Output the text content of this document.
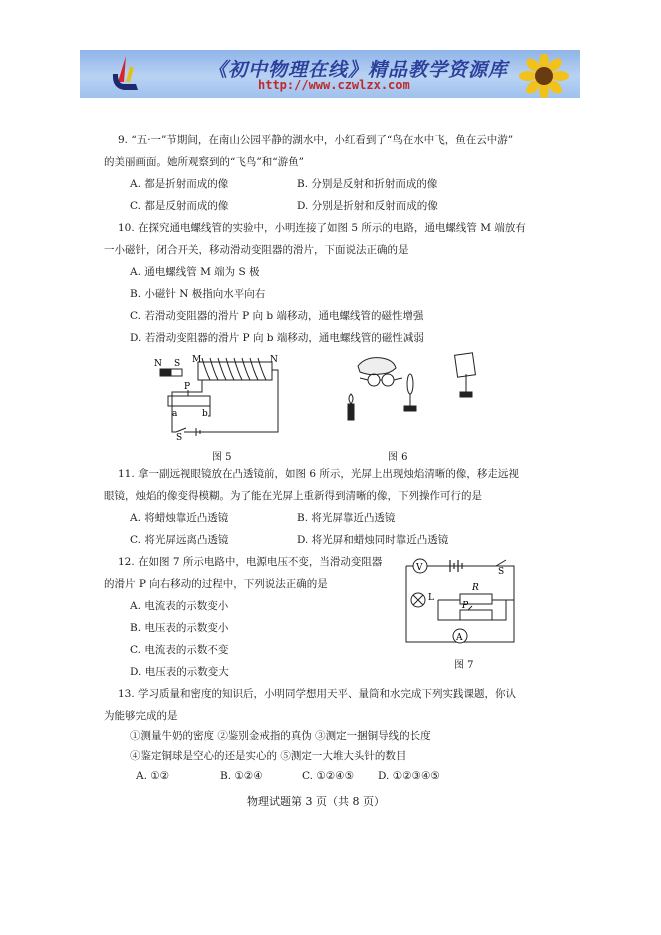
《初中物理在线》精品教学资源库
http://www.czwlzx.com
9. “五·一”节期间，在南山公园平静的湖水中，小红看到了“鸟在水中飞，鱼在云中游”
的美丽画面。她所观察到的“飞鸟”和“游鱼”
A. 都是折射而成的像	B. 分别是反射和折射而成的像
C. 都是反射而成的像	D. 分别是折射和反射而成的像
10. 在探究通电螺线管的实验中，小明连接了如图 5 所示的电路，通电螺线管 M 端放有
一小磁针，闭合开关，移动滑动变阻器的滑片，下面说法正确的是
A. 通电螺线管 M 端为 S 极
B. 小磁针 N 极指向水平向右
C. 若滑动变阻器的滑片 P 向 b 端移动，通电螺线管的磁性增强
D. 若滑动变阻器的滑片 P 向 b 端移动，通电螺线管的磁性减弱
N S M	N
P
a	b
S
图 5	图 6
11. 拿一副远视眼镜放在凸透镜前，如图 6 所示，光屏上出现烛焰清晰的像，移走远视
眼镜，烛焰的像变得模糊。为了能在光屏上重新得到清晰的像，下列操作可行的是
A. 将蜡烛靠近凸透镜	B. 将光屏靠近凸透镜
C. 将光屏远离凸透镜	D. 将光屏和蜡烛同时靠近凸透镜
12. 在如图 7 所示电路中，电源电压不变，当滑动变阻器
的滑片 P 向右移动的过程中，下列说法正确的是
A. 电流表的示数变小
B. 电压表的示数变小
C. 电流表的示数不变
D. 电压表的示数变大
V	S
R
L
P
A
图 7
13. 学习质量和密度的知识后，小明同学想用天平、量筒和水完成下列实践课题，你认
为能够完成的是
①测量牛奶的密度 ②鉴别金戒指的真伪 ③测定一捆铜导线的长度
④鉴定铜球是空心的还是实心的 ⑤测定一大堆大头针的数目
A. ①②	B. ①②④	C. ①②④⑤ D. ①②③④⑤
物理试题第 3 页（共 8 页）
